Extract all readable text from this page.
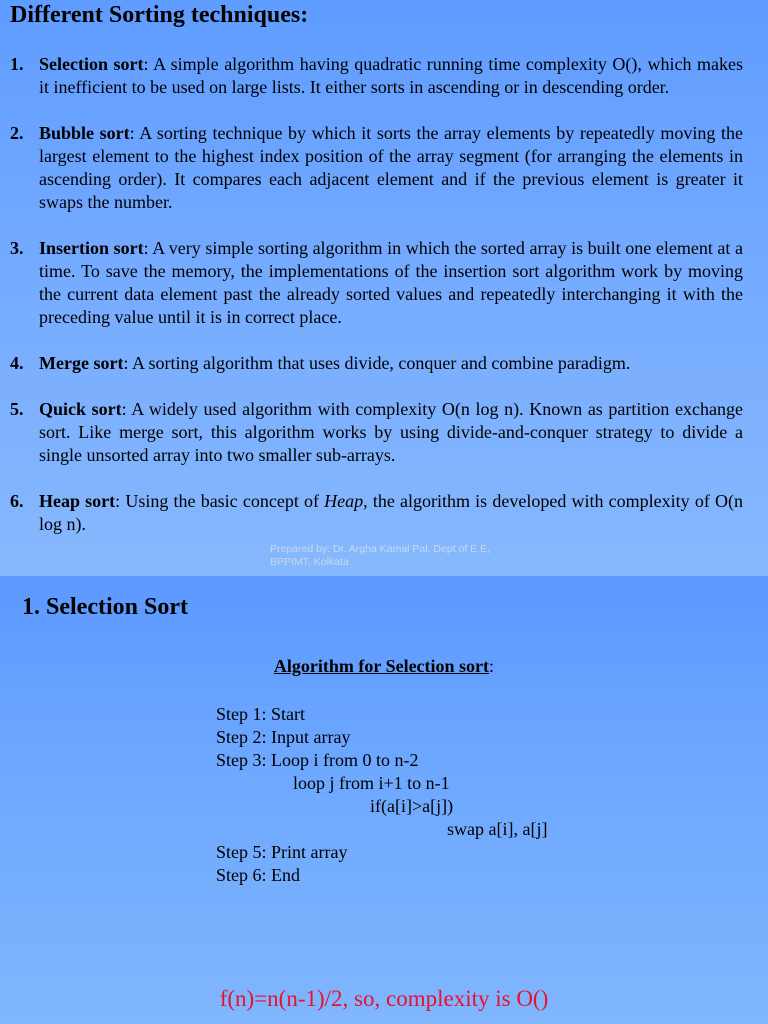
Different Sorting techniques:
1. Selection sort: A simple algorithm having quadratic running time complexity O(), which makes it inefficient to be used on large lists. It either sorts in ascending or in descending order.
2. Bubble sort: A sorting technique by which it sorts the array elements by repeatedly moving the largest element to the highest index position of the array segment (for arranging the elements in ascending order). It compares each adjacent element and if the previous element is greater it swaps the number.
3. Insertion sort: A very simple sorting algorithm in which the sorted array is built one element at a time. To save the memory, the implementations of the insertion sort algorithm work by moving the current data element past the already sorted values and repeatedly interchanging it with the preceding value until it is in correct place.
4. Merge sort: A sorting algorithm that uses divide, conquer and combine paradigm.
5. Quick sort: A widely used algorithm with complexity O(n log n). Known as partition exchange sort. Like merge sort, this algorithm works by using divide-and-conquer strategy to divide a single unsorted array into two smaller sub-arrays.
6. Heap sort: Using the basic concept of Heap, the algorithm is developed with complexity of O(n log n).
Prepared by: Dr. Argha Kamal Pal, Dept of E E, BPPIMT, Kolkata
1. Selection Sort
Algorithm for Selection sort:
Step 1: Start
Step 2: Input array
Step 3: Loop i from 0 to n-2
loop j from i+1 to n-1
if(a[i]>a[j])
swap a[i], a[j]
Step 5: Print array
Step 6: End
f(n)=n(n-1)/2, so, complexity is O()
